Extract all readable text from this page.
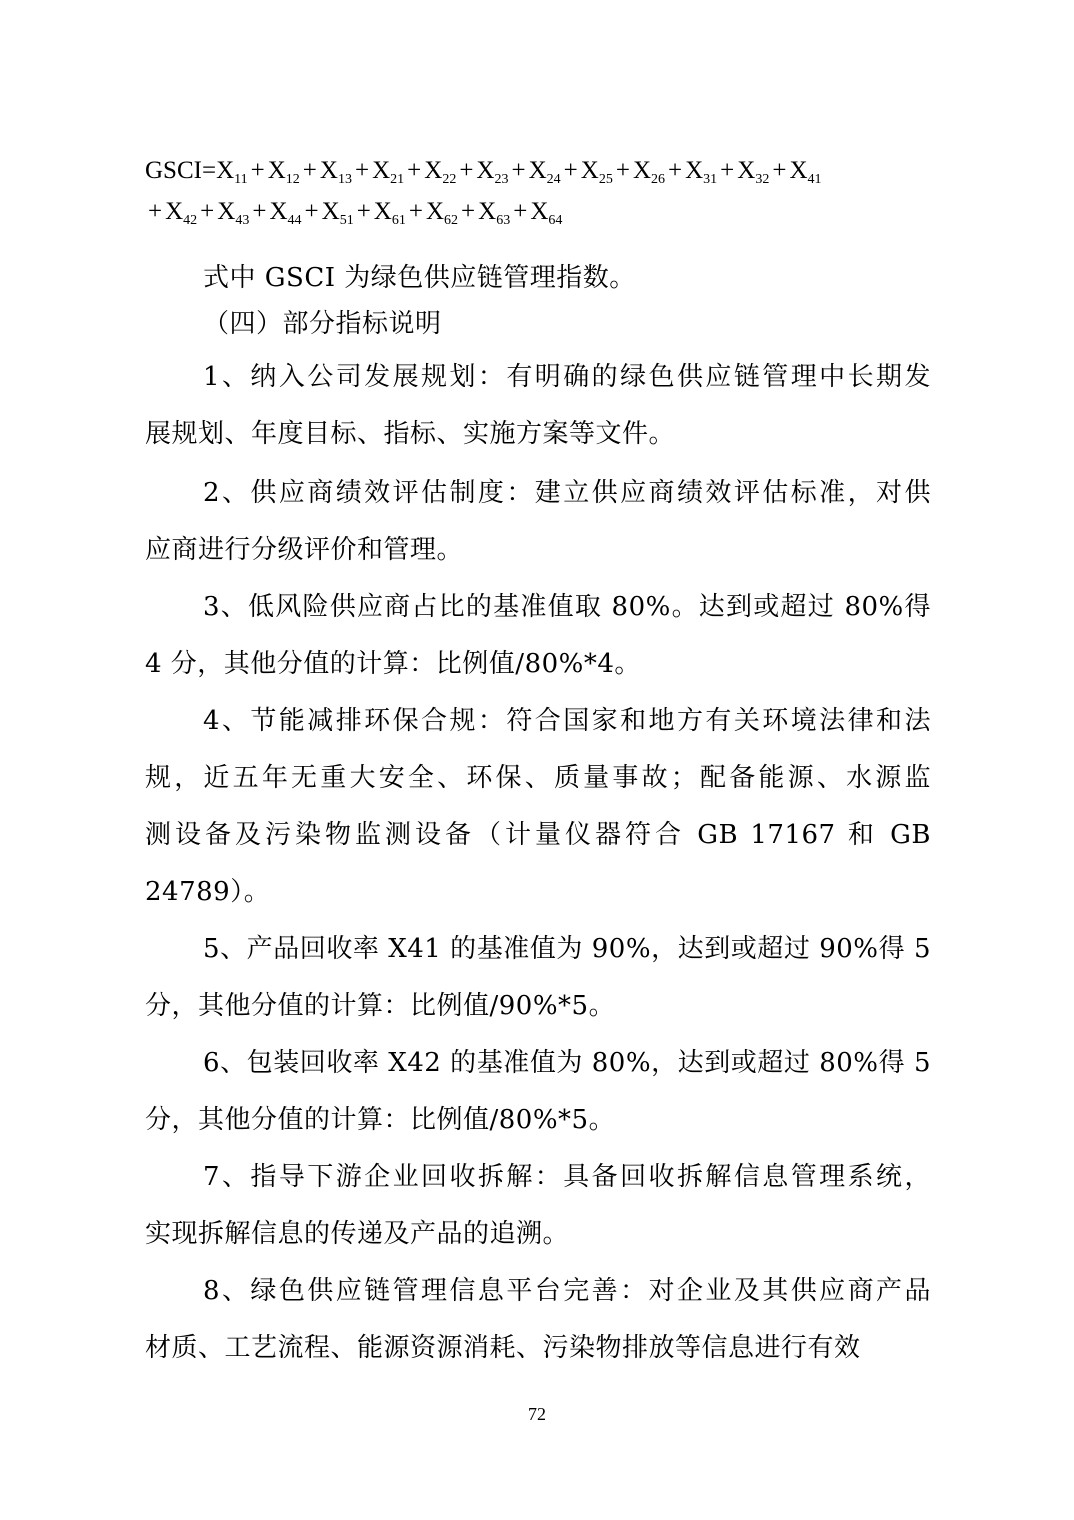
$GSCI=X_{11} + X_{12} + X_{13} + X_{21} + X_{22} + X_{23} + X_{24} + X_{25} + X_{26} + X_{31} + X_{32} + X_{41}$
+ $X_{42} + X_{43} + X_{44} + X_{51} + X_{61} + X_{62} + X_{63} + X_{64}$

式中 GSCI 为绿色供应链管理指数。

（四）部分指标说明

1、纳入公司发展规划：有明确的绿色供应链管理中长期发
展规划、年度目标、指标、实施方案等文件。

2、供应商绩效评估制度：建立供应商绩效评估标准，对供
应商进行分级评价和管理。

3、低风险供应商占比的基准值取 80%。达到或超过 80%得
4 分，其他分值的计算：比例值/80%*4。

4、节能减排环保合规：符合国家和地方有关环境法律和法
规，近五年无重大安全、环保、质量事故；配备能源、水源监
测设备及污染物监测设备（计量仪器符合 GB 17167 和 GB
24789）。

5、产品回收率 X41 的基准值为 90%，达到或超过 90%得 5
分，其他分值的计算：比例值/90%*5。

6、包装回收率 X42 的基准值为 80%，达到或超过 80%得 5
分，其他分值的计算：比例值/80%*5。

7、指导下游企业回收拆解：具备回收拆解信息管理系统，
实现拆解信息的传递及产品的追溯。

8、绿色供应链管理信息平台完善：对企业及其供应商产品
材质、工艺流程、能源资源消耗、污染物排放等信息进行有效

72
